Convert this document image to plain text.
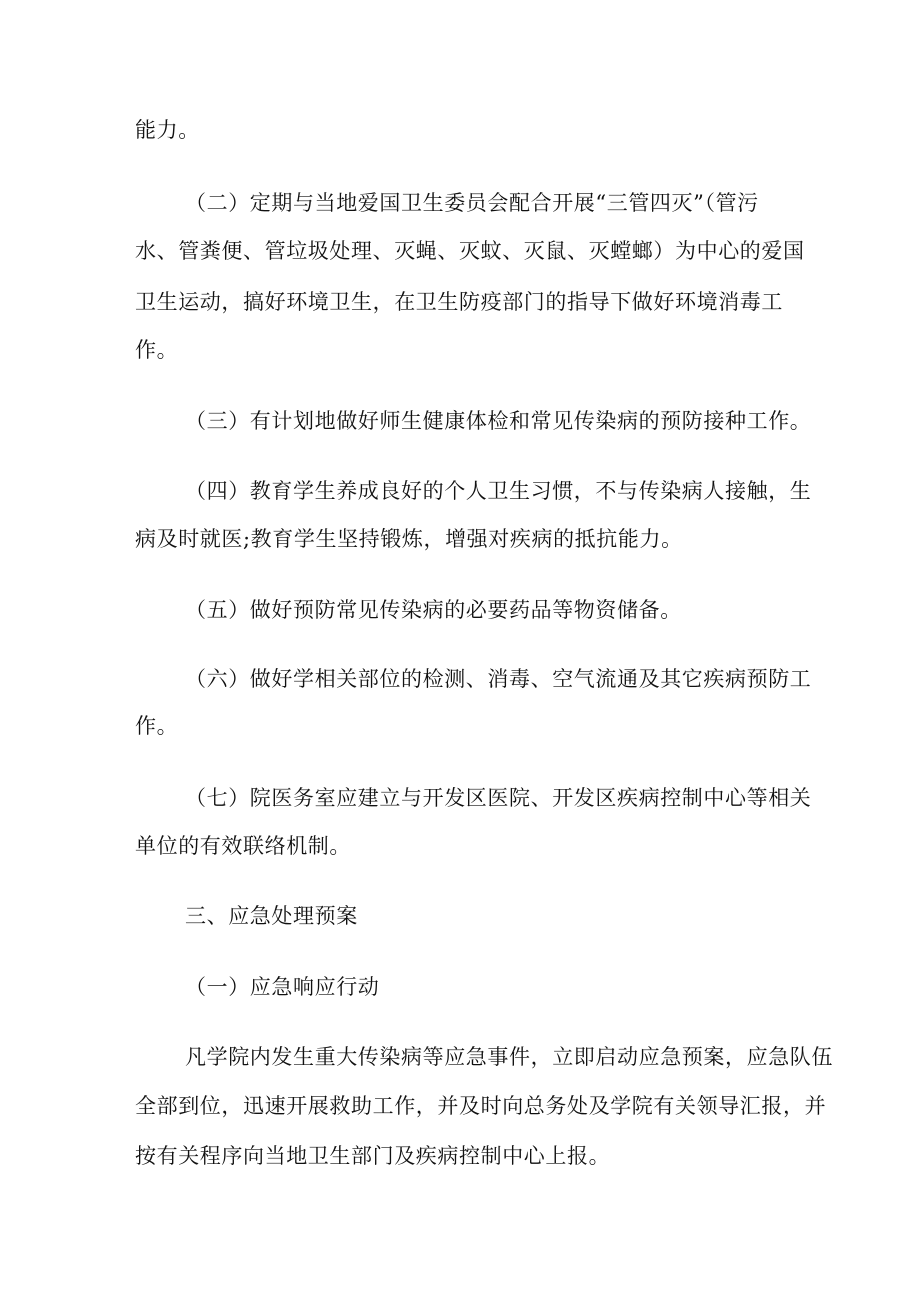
能力。
（二）定期与当地爱国卫生委员会配合开展“三管四灭”（管污
水、管粪便、管垃圾处理、灭蝇、灭蚊、灭鼠、灭螳螂）为中心的爱国
卫生运动，搞好环境卫生，在卫生防疫部门的指导下做好环境消毒工
作。
（三）有计划地做好师生健康体检和常见传染病的预防接种工作。
（四）教育学生养成良好的个人卫生习惯，不与传染病人接触，生
病及时就医;教育学生坚持锻炼，增强对疾病的抵抗能力。
（五）做好预防常见传染病的必要药品等物资储备。
（六）做好学相关部位的检测、消毒、空气流通及其它疾病预防工
作。
（七）院医务室应建立与开发区医院、开发区疾病控制中心等相关
单位的有效联络机制。
三、应急处理预案
（一）应急响应行动
凡学院内发生重大传染病等应急事件，立即启动应急预案，应急队伍
全部到位，迅速开展救助工作，并及时向总务处及学院有关领导汇报，并
按有关程序向当地卫生部门及疾病控制中心上报。
